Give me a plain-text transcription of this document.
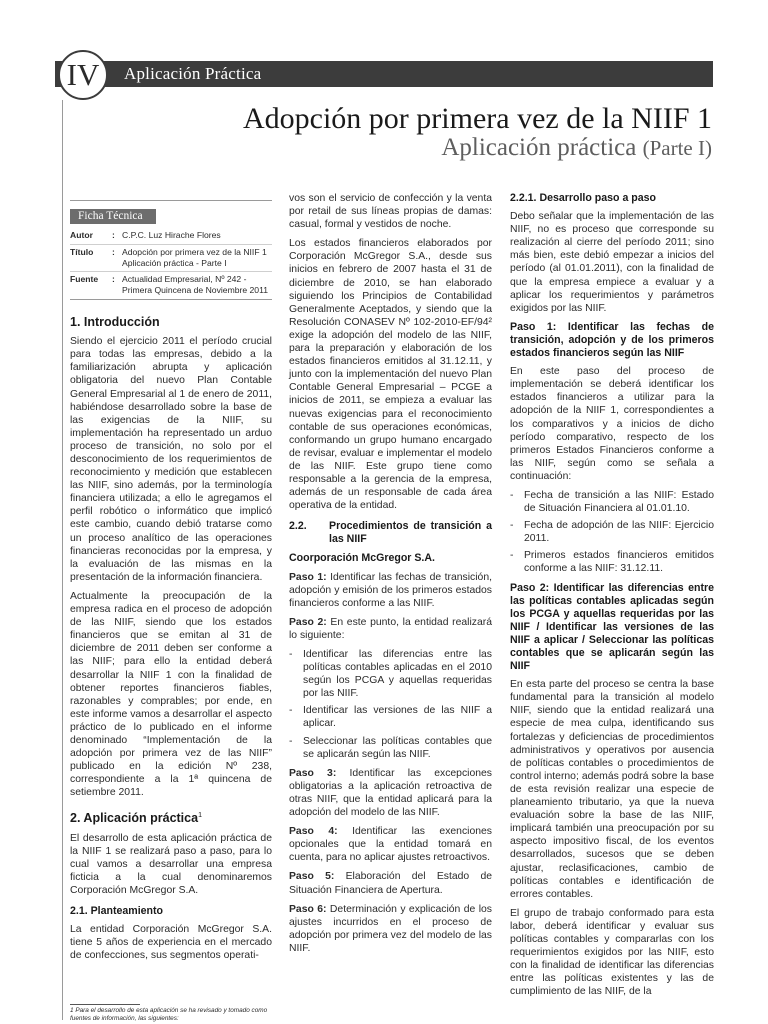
IV	Aplicación Práctica
Adopción por primera vez de la NIIF 1
Aplicación práctica (Parte I)
Ficha Técnica
Autor	: C.P.C. Luz Hirache Flores
Título	: Adopción por primera vez de la NIIF 1 Aplicación práctica - Parte I
Fuente	: Actualidad Empresarial, Nº 242 - Primera Quincena de Noviembre 2011
1. Introducción

Siendo el ejercicio 2011 el período crucial para todas las empresas, debido a la familiarización abrupta y aplicación obligatoria del nuevo Plan Contable General Empresarial al 1 de enero de 2011, habiéndose desarrollado sobre la base de las exigencias de la NIIF, su implementación ha representado un arduo proceso de transición, no solo por el desconocimiento de los requerimientos de reconocimiento y medición que establecen las NIIF, sino además, por la terminología financiera utilizada; a ello le agregamos el perfil robótico o informático que implicó este cambio, cuando debió tratarse como un proceso analítico de las operaciones financieras reconocidas por la empresa, y la evaluación de las mismas en la presentación de la información financiera.

Actualmente la preocupación de la empresa radica en el proceso de adopción de las NIIF, siendo que los estados financieros que se emitan al 31 de diciembre de 2011 deben ser conforme a las NIIF; para ello la entidad deberá desarrollar la NIIF 1 con la finalidad de obtener reportes financieros fiables, razonables y comprables; por ende, en este informe vamos a desarrollar el aspecto práctico de lo publicado en el informe denominado “Implementación de la adopción por primera vez de las NIIF” publicado en la edición Nº 238, correspondiente a la 1ª quincena de setiembre 2011.

2. Aplicación práctica$^1$

El desarrollo de esta aplicación práctica de la NIIF 1 se realizará paso a paso, para lo cual vamos a desarrollar una empresa ficticia a la cual denominaremos Corporación McGregor S.A.

2.1. Planteamiento

La entidad Corporación McGregor S.A. tiene 5 años de experiencia en el mercado de confecciones, sus segmentos operati-

1 Para el desarrollo de esta aplicación se ha revisado y tomado como fuentes de información, las siguientes:

vos son el servicio de confección y la venta por retail de sus líneas propias de damas: casual, formal y vestidos de noche.

Los estados financieros elaborados por Corporación McGregor S.A., desde sus inicios en febrero de 2007 hasta el 31 de diciembre de 2010, se han elaborado siguiendo los Principios de Contabilidad Generalmente Aceptados, y siendo que la Resolución CONASEV Nº 102-2010-EF/94² exige la adopción del modelo de las NIIF, para la preparación y elaboración de los estados financieros emitidos al 31.12.11, y junto con la implementación del nuevo Plan Contable General Empresarial – PCGE a inicios de 2011, se empieza a evaluar las nuevas exigencias para el reconocimiento contable de sus operaciones económicas, conformando un grupo humano encargado de revisar, evaluar e implementar el modelo de las NIIF. Este grupo tiene como responsable a la gerencia de la empresa, además de un responsable de cada área operativa de la entidad.

2.2.	Procedimientos de transición a las NIIF
Coorporación McGregor S.A.

Paso 1: Identificar las fechas de transición, adopción y emisión de los primeros estados financieros conforme a las NIIF.

Paso 2: En este punto, la entidad realizará lo siguiente:

-	Identificar las diferencias entre las políticas contables aplicadas en el 2010 según los PCGA y aquellas requeridas por las NIIF.
-	Identificar las versiones de las NIIF a aplicar.
-	Seleccionar las políticas contables que se aplicarán según las NIIF.

Paso 3: Identificar las excepciones obligatorias a la aplicación retroactiva de otras NIIF, que la entidad aplicará para la adopción del modelo de las NIIF.

Paso 4: Identificar las exenciones opcionales que la entidad tomará en cuenta, para no aplicar ajustes retroactivos.

Paso 5: Elaboración del Estado de Situación Financiera de Apertura.

Paso 6: Determinación y explicación de los ajustes incurridos en el proceso de adopción por primera vez del modelo de las NIIF.

2.2.1. Desarrollo paso a paso

Debo señalar que la implementación de las NIIF, no es proceso que corresponde su realización al cierre del período 2011; sino más bien, este debió empezar a inicios del período (al 01.01.2011), con la finalidad de que la empresa empiece a evaluar y a aplicar los requerimientos y parámetros exigidos por las NIIF.

Paso 1: Identificar las fechas de transición, adopción y de los primeros estados financieros según las NIIF

En este paso del proceso de implementación se deberá identificar los estados financieros a utilizar para la adopción de la NIIF 1, correspondientes a los comparativos y a inicios de dicho período comparativo, respecto de los primeros Estados Financieros conforme a las NIIF, según como se señala a continuación:

-	Fecha de transición a las NIIF: Estado de Situación Financiera al 01.01.10.
-	Fecha de adopción de las NIIF: Ejercicio 2011.
-	Primeros estados financieros emitidos conforme a las NIIF: 31.12.11.
Paso 2: Identificar las diferencias entre las políticas contables aplicadas según los PCGA y aquellas requeridas por las NIIF / Identificar las versiones de las NIIF a aplicar / Seleccionar las políticas contables que se aplicarán según las NIIF

En esta parte del proceso se centra la base fundamental para la transición al modelo NIIF, siendo que la entidad realizará una especie de mea culpa, identificando sus fortalezas y deficiencias de procedimientos administrativos y operativos por ausencia de políticas contables o procedimientos de control interno; además podrá sobre la base de esta revisión realizar una especie de planeamiento tributario, ya que la nueva evaluación sobre la base de las NIIF, implicará también una preocupación por su aspecto impositivo fiscal, de los eventos desarrollados, sucesos que se deben ajustar, reclasificaciones, cambio de políticas contables e identificación de errores contables.

El grupo de trabajo conformado para esta labor, deberá identificar y evaluar sus políticas contables y compararlas con los requerimientos exigidos por las NIIF, esto con la finalidad de identificar las diferencias entre las políticas existentes y las de cumplimiento de las NIIF, de la
